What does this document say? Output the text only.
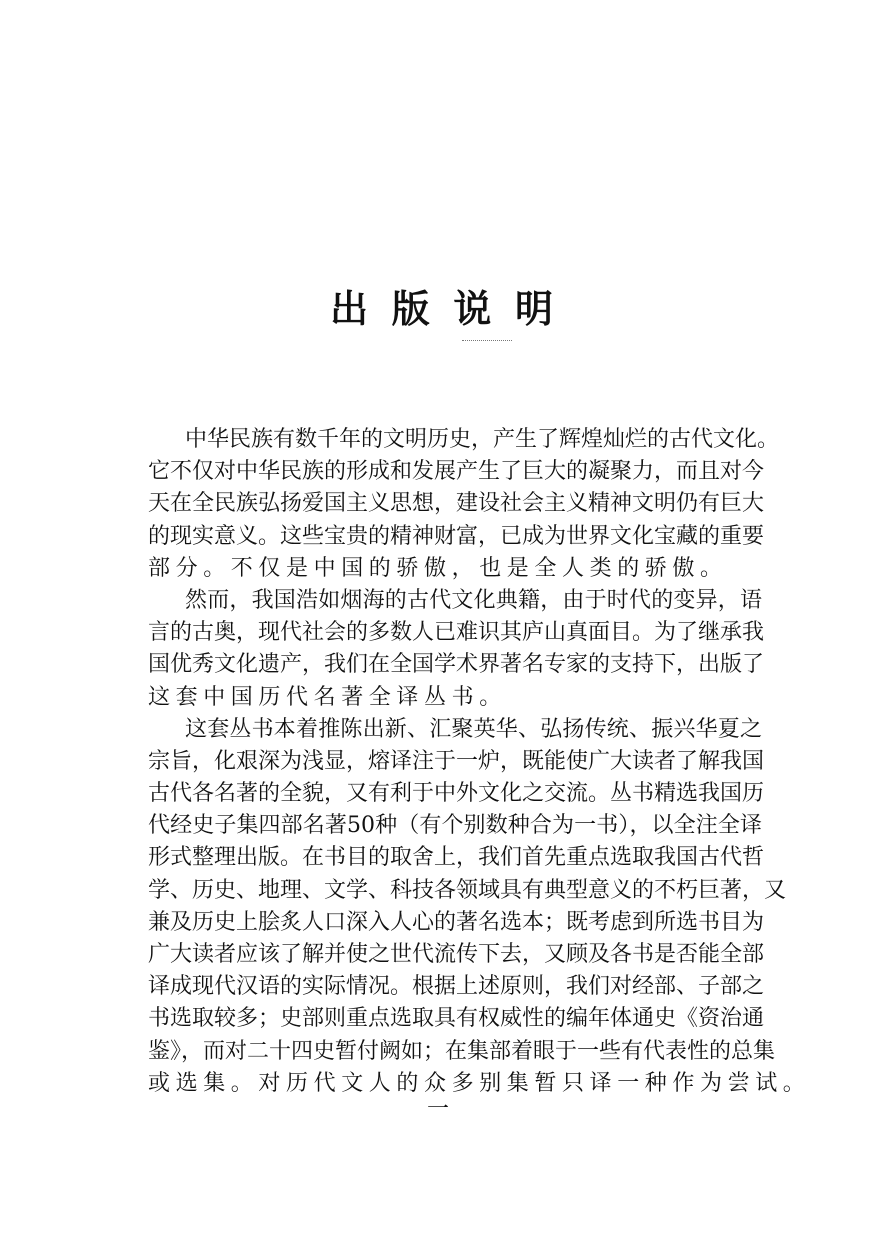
出版说明
中华民族有数千年的文明历史，产生了辉煌灿烂的古代文化。
它不仅对中华民族的形成和发展产生了巨大的凝聚力，而且对今
天在全民族弘扬爱国主义思想，建设社会主义精神文明仍有巨大
的现实意义。这些宝贵的精神财富，已成为世界文化宝藏的重要
部分。不仅是中国的骄傲，也是全人类的骄傲。
然而，我国浩如烟海的古代文化典籍，由于时代的变异，语
言的古奥，现代社会的多数人已难识其庐山真面目。为了继承我
国优秀文化遗产，我们在全国学术界著名专家的支持下，出版了
这套中国历代名著全译丛书。
这套丛书本着推陈出新、汇聚英华、弘扬传统、振兴华夏之
宗旨，化艰深为浅显，熔译注于一炉，既能使广大读者了解我国
古代各名著的全貌，又有利于中外文化之交流。丛书精选我国历
代经史子集四部名著50种（有个别数种合为一书），以全注全译
形式整理出版。在书目的取舍上，我们首先重点选取我国古代哲
学、历史、地理、文学、科技各领域具有典型意义的不朽巨著，又
兼及历史上脍炙人口深入人心的著名选本；既考虑到所选书目为
广大读者应该了解并使之世代流传下去，又顾及各书是否能全部
译成现代汉语的实际情况。根据上述原则，我们对经部、子部之
书选取较多；史部则重点选取具有权威性的编年体通史《资治通
鉴》，而对二十四史暂付阙如；在集部着眼于一些有代表性的总集
或选集。对历代文人的众多别集暂只译一种作为尝试。
一
